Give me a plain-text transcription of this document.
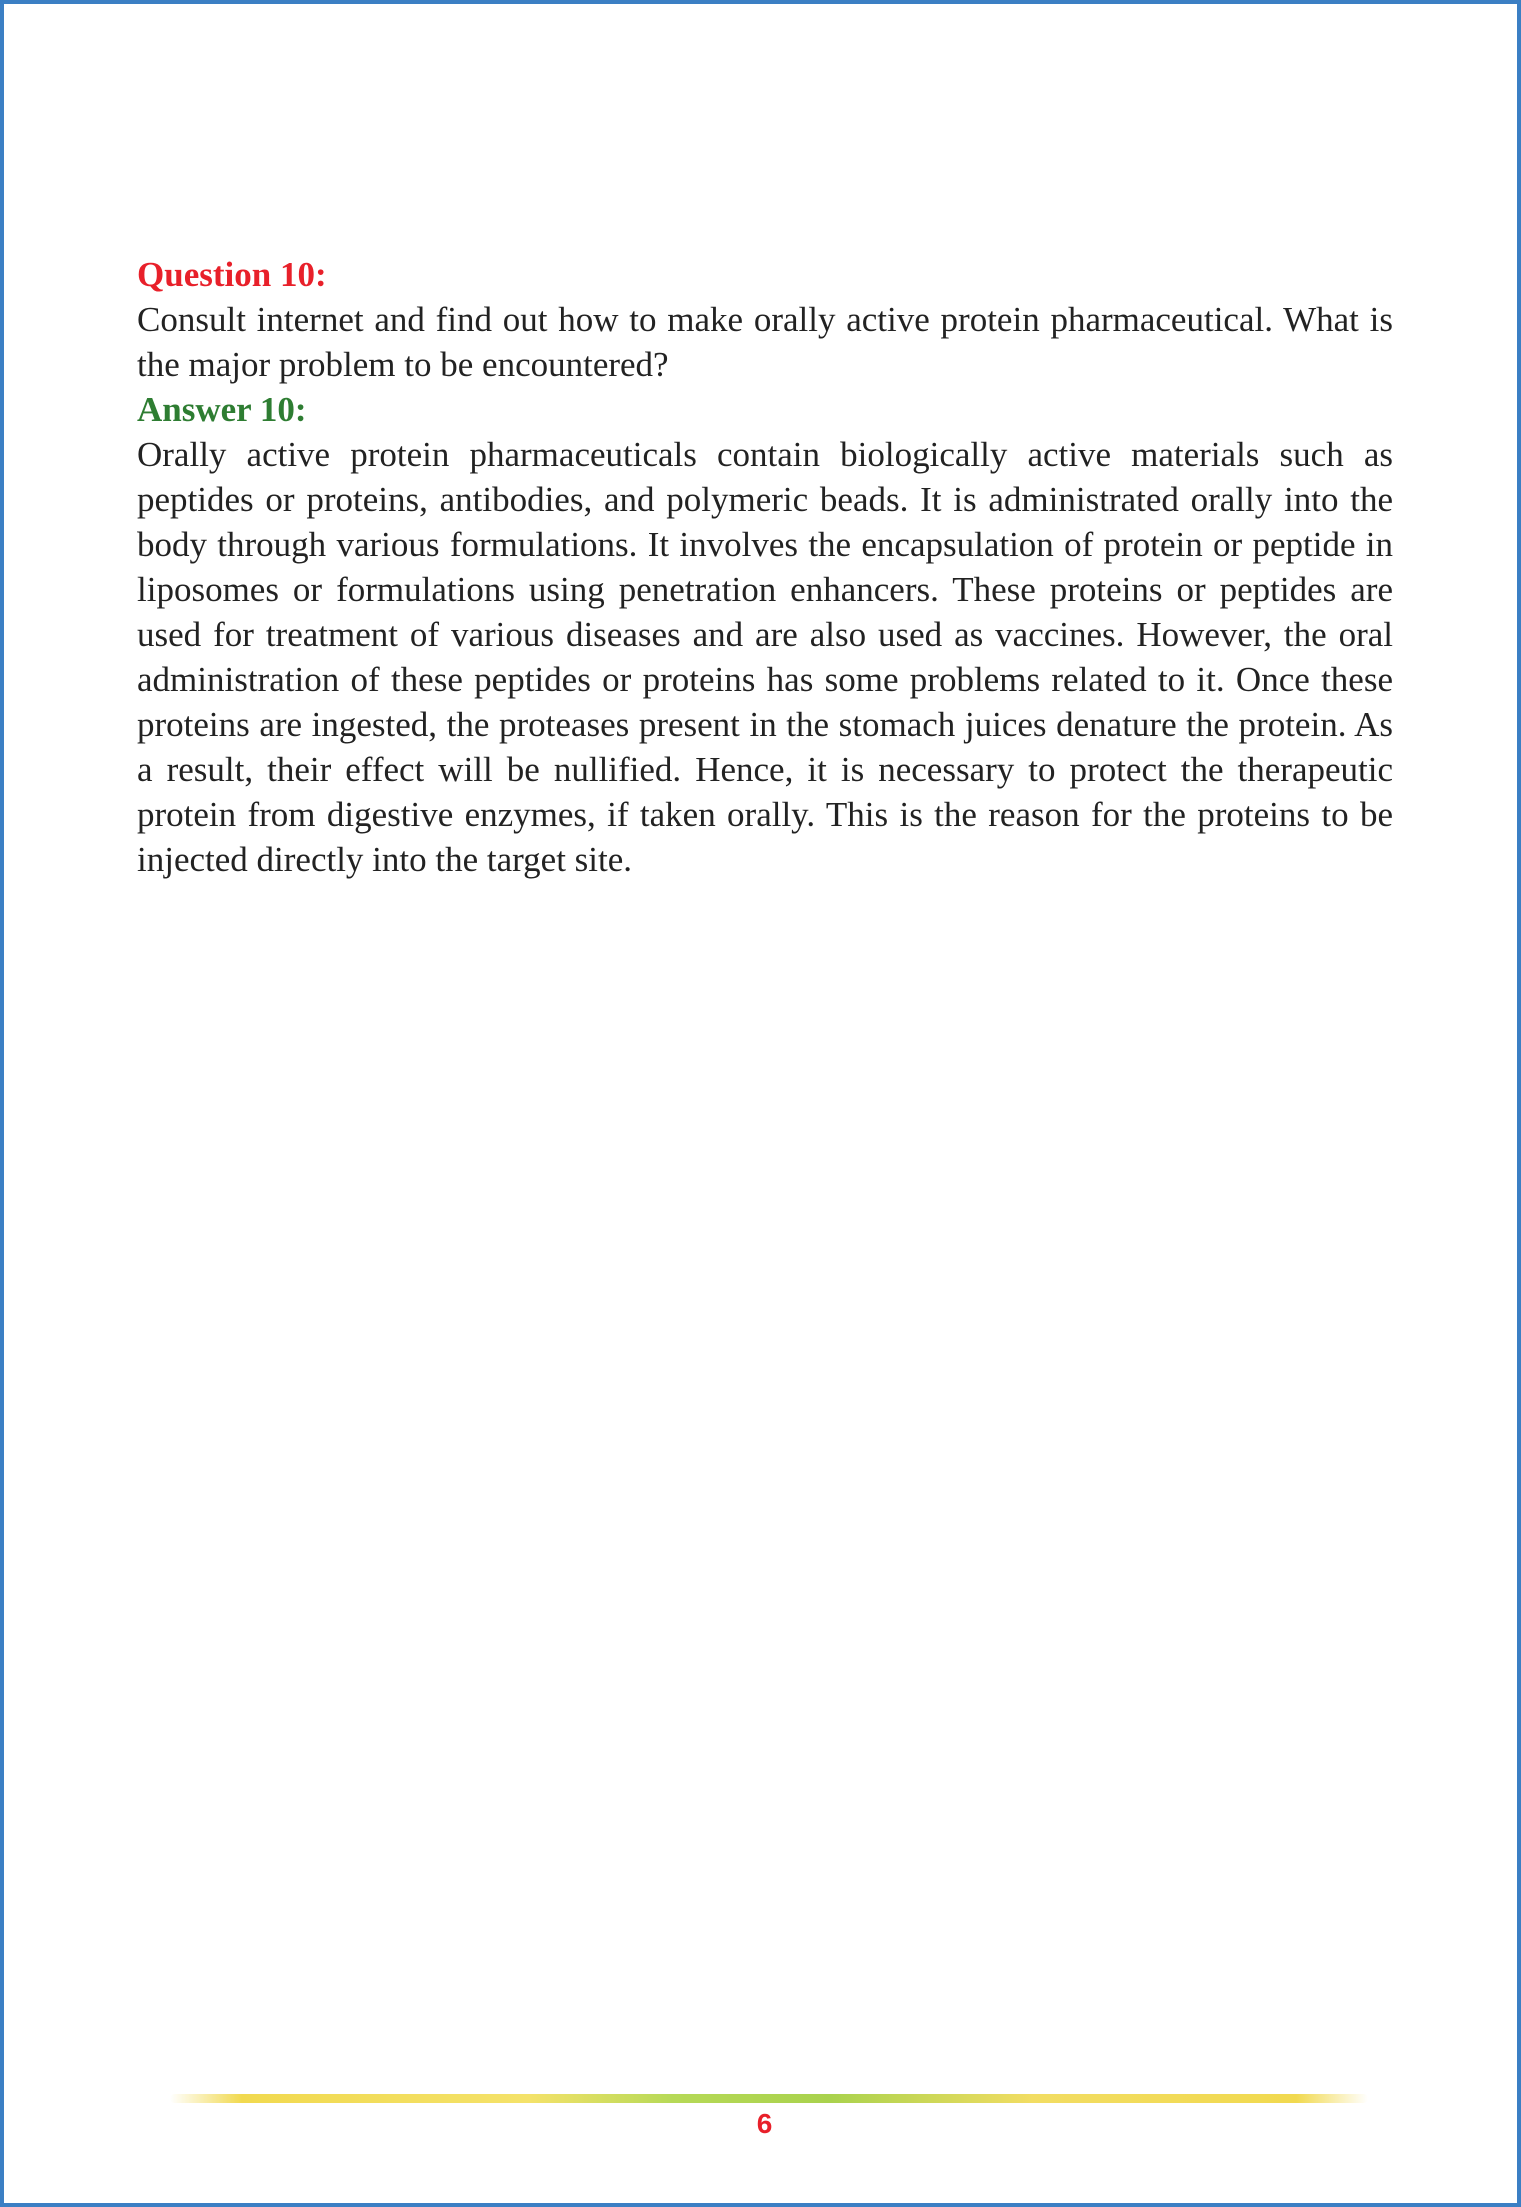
Question 10:

Consult internet and find out how to make orally active protein pharmaceutical. What is the major problem to be encountered?

Answer 10:

Orally active protein pharmaceuticals contain biologically active materials such as peptides or proteins, antibodies, and polymeric beads. It is administrated orally into the body through various formulations. It involves the encapsulation of protein or peptide in liposomes or formulations using penetration enhancers. These proteins or peptides are used for treatment of various diseases and are also used as vaccines. However, the oral administration of these peptides or proteins has some problems related to it. Once these proteins are ingested, the proteases present in the stomach juices denature the protein. As a result, their effect will be nullified. Hence, it is necessary to protect the therapeutic protein from digestive enzymes, if taken orally. This is the reason for the proteins to be injected directly into the target site.

6
